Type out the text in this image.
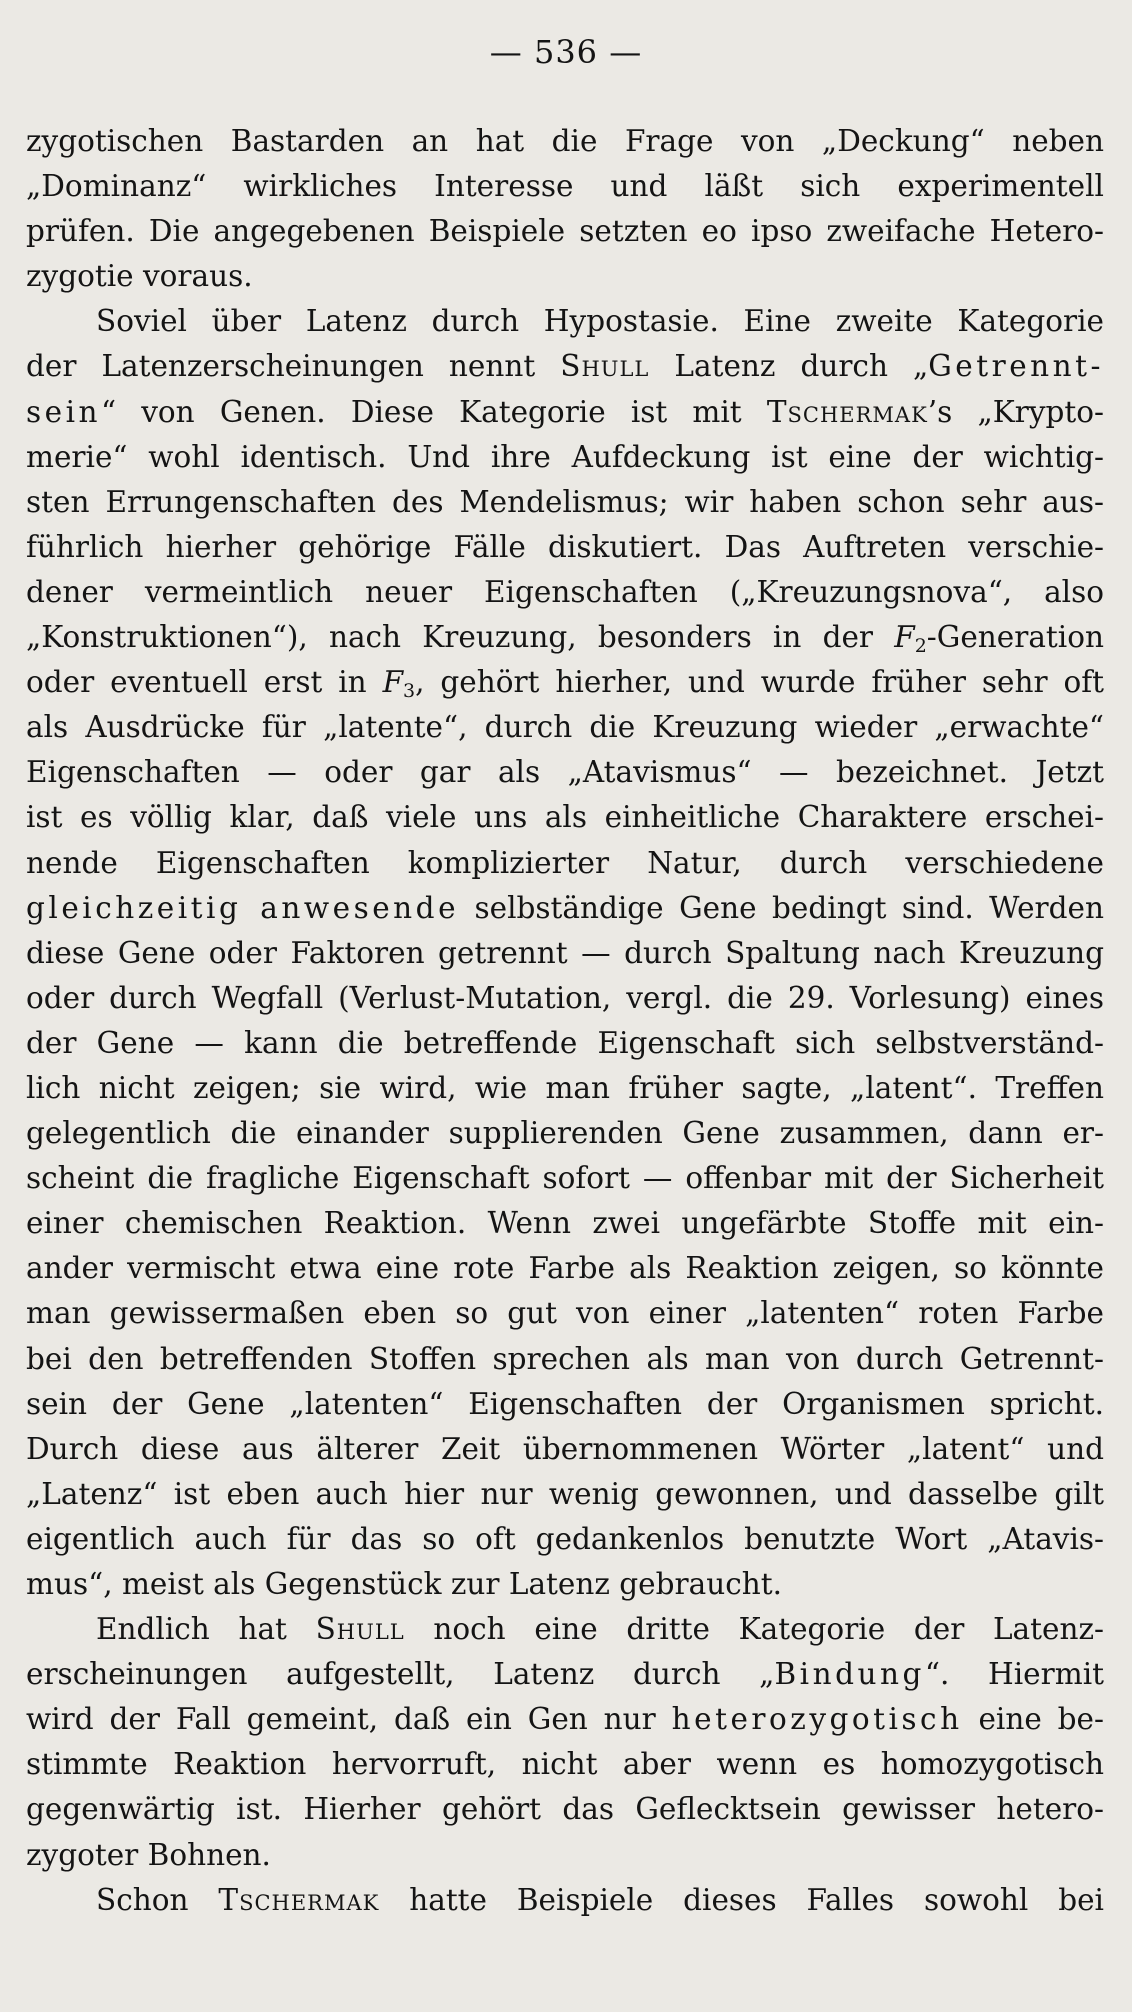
— 536 —
zygotischen Bastarden an hat die Frage von „Deckung“ neben
„Dominanz“ wirkliches Interesse und läßt sich experimentell
prüfen. Die angegebenen Beispiele setzten eo ipso zweifache Hetero-
zygotie voraus.
Soviel über Latenz durch Hypostasie. Eine zweite Kategorie
der Latenzerscheinungen nennt Shull Latenz durch „Getrennt-
sein“ von Genen. Diese Kategorie ist mit Tschermak’s „Krypto-
merie“ wohl identisch. Und ihre Aufdeckung ist eine der wichtig-
sten Errungenschaften des Mendelismus; wir haben schon sehr aus-
führlich hierher gehörige Fälle diskutiert. Das Auftreten verschie-
dener vermeintlich neuer Eigenschaften („Kreuzungsnova“, also
„Konstruktionen“), nach Kreuzung, besonders in der $F_2$-Generation
oder eventuell erst in $F_3$, gehört hierher, und wurde früher sehr oft
als Ausdrücke für „latente“, durch die Kreuzung wieder „erwachte“
Eigenschaften — oder gar als „Atavismus“ — bezeichnet. Jetzt
ist es völlig klar, daß viele uns als einheitliche Charaktere erschei-
nende Eigenschaften komplizierter Natur, durch verschiedene
gleichzeitig anwesende selbständige Gene bedingt sind. Werden
diese Gene oder Faktoren getrennt — durch Spaltung nach Kreuzung
oder durch Wegfall (Verlust-Mutation, vergl. die 29. Vorlesung) eines
der Gene — kann die betreffende Eigenschaft sich selbstverständ-
lich nicht zeigen; sie wird, wie man früher sagte, „latent“. Treffen
gelegentlich die einander supplierenden Gene zusammen, dann er-
scheint die fragliche Eigenschaft sofort — offenbar mit der Sicherheit
einer chemischen Reaktion. Wenn zwei ungefärbte Stoffe mit ein-
ander vermischt etwa eine rote Farbe als Reaktion zeigen, so könnte
man gewissermaßen eben so gut von einer „latenten“ roten Farbe
bei den betreffenden Stoffen sprechen als man von durch Getrennt-
sein der Gene „latenten“ Eigenschaften der Organismen spricht.
Durch diese aus älterer Zeit übernommenen Wörter „latent“ und
„Latenz“ ist eben auch hier nur wenig gewonnen, und dasselbe gilt
eigentlich auch für das so oft gedankenlos benutzte Wort „Atavis-
mus“, meist als Gegenstück zur Latenz gebraucht.
Endlich hat Shull noch eine dritte Kategorie der Latenz-
erscheinungen aufgestellt, Latenz durch „Bindung“. Hiermit
wird der Fall gemeint, daß ein Gen nur heterozygotisch eine be-
stimmte Reaktion hervorruft, nicht aber wenn es homozygotisch
gegenwärtig ist. Hierher gehört das Geflecktsein gewisser hetero-
zygoter Bohnen.
Schon Tschermak hatte Beispiele dieses Falles sowohl bei
